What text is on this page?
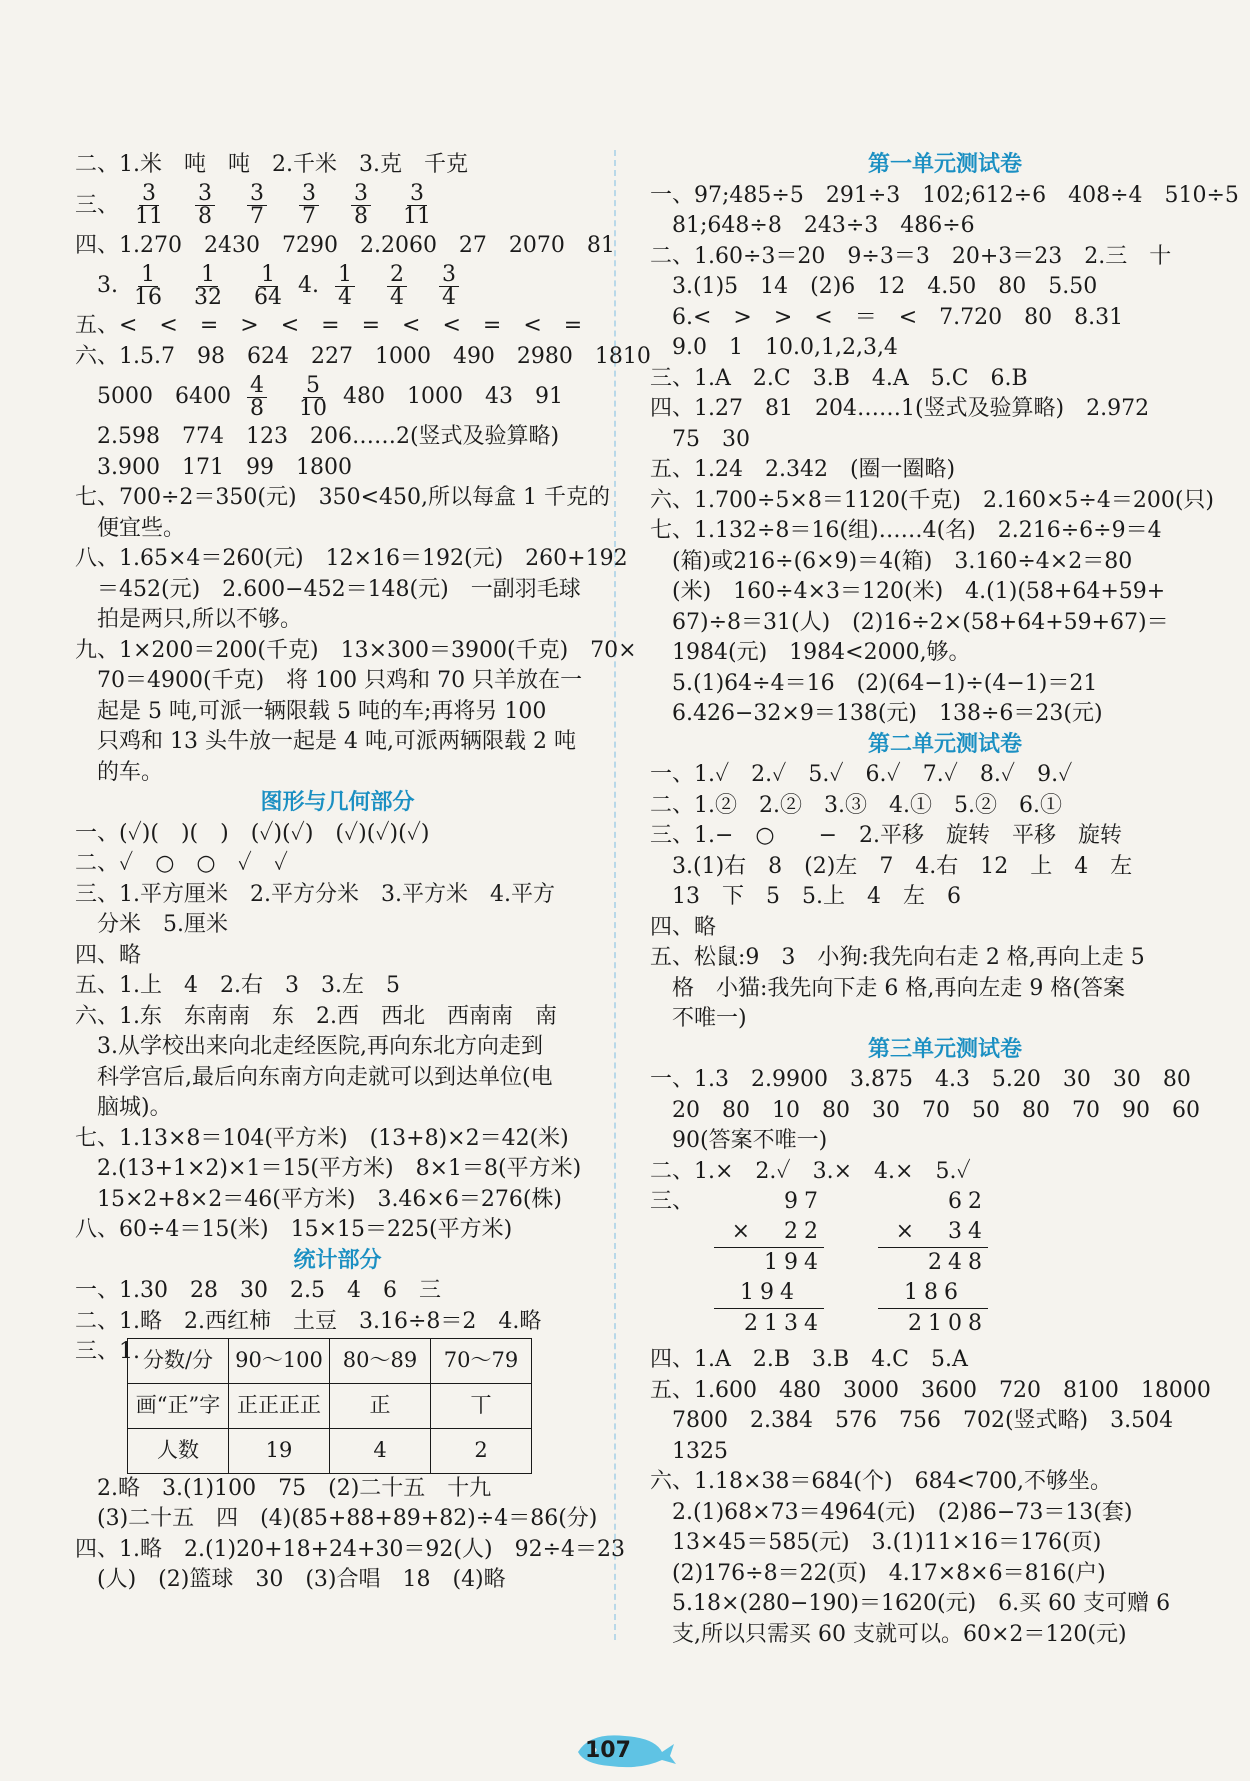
二、1.米　吨　吨　2.千米　3.克　千克
三、 $\frac{3}{11} \frac{3}{8} \frac{3}{7} \frac{3}{7} \frac{3}{8} \frac{3}{11}$
四、1.270　2430　7290　2.2060　27　2070　81
　3. $\frac{1}{16} \frac{1}{32} \frac{1}{64} 4$. $\frac{1}{4} \frac{2}{4} \frac{3}{4}$
五、<　<　=　>　<　=　=　<　<　=　<　=
六、1.5.7　98　624　227　1000　490　2980　1810
　5000　$6400 \frac{4}{8} \frac{5}{10} 480$　1000　43　91
　2.598　774　123　206……2(竖式及验算略)
　3.900　171　99　1800
七、700÷2＝350(元)　350<450,所以每盒 1 千克的
　便宜些。
八、1.65×4＝260(元)　12×16＝192(元)　260+192
　＝452(元)　2.600−452＝148(元)　一副羽毛球
　拍是两只,所以不够。
九、1×200＝200(千克)　13×300＝3900(千克)　70×
　70＝4900(千克)　将 100 只鸡和 70 只羊放在一
　起是 5 吨,可派一辆限载 5 吨的车;再将另 100
　只鸡和 13 头牛放一起是 4 吨,可派两辆限载 2 吨
　的车。
图形与几何部分
一、(✓)(　)(　)　(✓)(✓)　(✓)(✓)(✓)
二、✓　○　○　✓　✓
三、1.平方厘米　2.平方分米　3.平方米　4.平方
　分米　5.厘米
四、略
五、1.上　4　2.右　3　3.左　5
六、1.东　东南南　东　2.西　西北　西南南　南
　3.从学校出来向北走经医院,再向东北方向走到
　科学宫后,最后向东南方向走就可以到达单位(电
　脑城)。
七、1.13×8＝104(平方米)　(13+8)×2＝42(米)
　2.(13+1×2)×1＝15(平方米)　8×1＝8(平方米)
　15×2+8×2＝46(平方米)　3.46×6＝276(株)
八、60÷4＝15(米)　15×15＝225(平方米)
统计部分
一、1.30　28　30　2.5　4　6　三
二、1.略　2.西红柿　土豆　3.16÷8＝2　4.略
三、1. 分数/分	90～100	80～89	70～79
画“正”字	正正正正	正	丅
人数	19	4	2
　2.略　3.(1)100　75　(2)二十五　十九
　(3)二十五　四　(4)(85+88+89+82)÷4＝86(分)
四、1.略　2.(1)20+18+24+30＝92(人)　92÷4＝23
　(人)　(2)篮球　30　(3)合唱　18　(4)略
第一单元测试卷
一、97;485÷5　291÷3　102;612÷6　408÷4　510÷5
　81;648÷8　243÷3　486÷6
二、1.60÷3＝20　9÷3＝3　20+3＝23　2.三　十
　3.(1)5　14　(2)6　12　4.50　80　5.50
　6.<　>　>　<　＝　<　7.720　80　8.31
　9.0　1　10.0,1,2,3,4
三、1.A　2.C　3.B　4.A　5.C　6.B
四、1.27　81　204……1(竖式及验算略)　2.972
　75　30
五、1.24　2.342　(圈一圈略)
六、1.700÷5×8＝1120(千克)　2.160×5÷4＝200(只)
七、1.132÷8＝16(组)……4(名)　2.216÷6÷9＝4
　(箱)或216÷(6×9)＝4(箱)　3.160÷4×2＝80
　(米)　160÷4×3＝120(米)　4.(1)(58+64+59+
　67)÷8＝31(人)　(2)16÷2×(58+64+59+67)＝
　1984(元)　1984<2000,够。
　5.(1)64÷4＝16　(2)(64−1)÷(4−1)＝21
　6.426−32×9＝138(元)　138÷6＝23(元)
第二单元测试卷
一、1.✓　2.✓　5.✓　6.✓　7.✓　8.✓　9.✓
二、1.②　2.②　3.③　4.①　5.②　6.①
三、1.−　○　　−　2.平移　旋转　平移　旋转
　3.(1)右　8　(2)左　7　4.右　12　上　4　左
　13　下　5　5.上　4　左　6
四、略
五、松鼠:9　3　小狗:我先向右走 2 格,再向上走 5
　格　小猫:我先向下走 6 格,再向左走 9 格(答案
　不唯一)
第三单元测试卷
一、1.3　2.9900　3.875　4.3　5.20　30　30　80
　20　80　10　80　30　70　50　80　70　90　60
　90(答案不唯一)
二、1.×　2.✓　3.×　4.×　5.✓
三、	97
×　22
194
194
2134
62
×　34
248
186
2108
四、1.A　2.B　3.B　4.C　5.A
五、1.600　480　3000　3600　720　8100　18000
　7800　2.384　576　756　702(竖式略)　3.504
　1325
六、1.18×38＝684(个)　684<700,不够坐。
　2.(1)68×73＝4964(元)　(2)86−73＝13(套)
　13×45＝585(元)　3.(1)11×16＝176(页)
　(2)176÷8＝22(页)　4.17×8×6＝816(户)
　5.18×(280−190)＝1620(元)　6.买 60 支可赠 6
　支,所以只需买 60 支就可以。60×2＝120(元)
107
